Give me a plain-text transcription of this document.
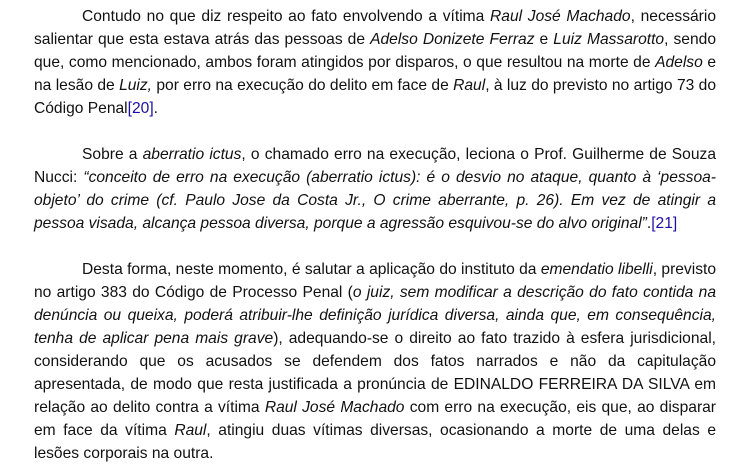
Contudo no que diz respeito ao fato envolvendo a vítima Raul José Machado, necessário salientar que esta estava atrás das pessoas de Adelso Donizete Ferraz e Luiz Massarotto, sendo que, como mencionado, ambos foram atingidos por disparos, o que resultou na morte de Adelso e na lesão de Luiz, por erro na execução do delito em face de Raul, à luz do previsto no artigo 73 do Código Penal[20].

Sobre a aberratio ictus, o chamado erro na execução, leciona o Prof. Guilherme de Souza Nucci: “conceito de erro na execução (aberratio ictus): é o desvio no ataque, quanto à ‘pessoa-objeto’ do crime (cf. Paulo Jose da Costa Jr., O crime aberrante, p. 26). Em vez de atingir a pessoa visada, alcança pessoa diversa, porque a agressão esquivou-se do alvo original”.[21]

Desta forma, neste momento, é salutar a aplicação do instituto da emendatio libelli, previsto no artigo 383 do Código de Processo Penal (o juiz, sem modificar a descrição do fato contida na denúncia ou queixa, poderá atribuir-lhe definição jurídica diversa, ainda que, em consequência, tenha de aplicar pena mais grave), adequando-se o direito ao fato trazido à esfera jurisdicional, considerando que os acusados se defendem dos fatos narrados e não da capitulação apresentada, de modo que resta justificada a pronúncia de EDINALDO FERREIRA DA SILVA em relação ao delito contra a vítima Raul José Machado com erro na execução, eis que, ao disparar em face da vítima Raul, atingiu duas vítimas diversas, ocasionando a morte de uma delas e lesões corporais na outra.
